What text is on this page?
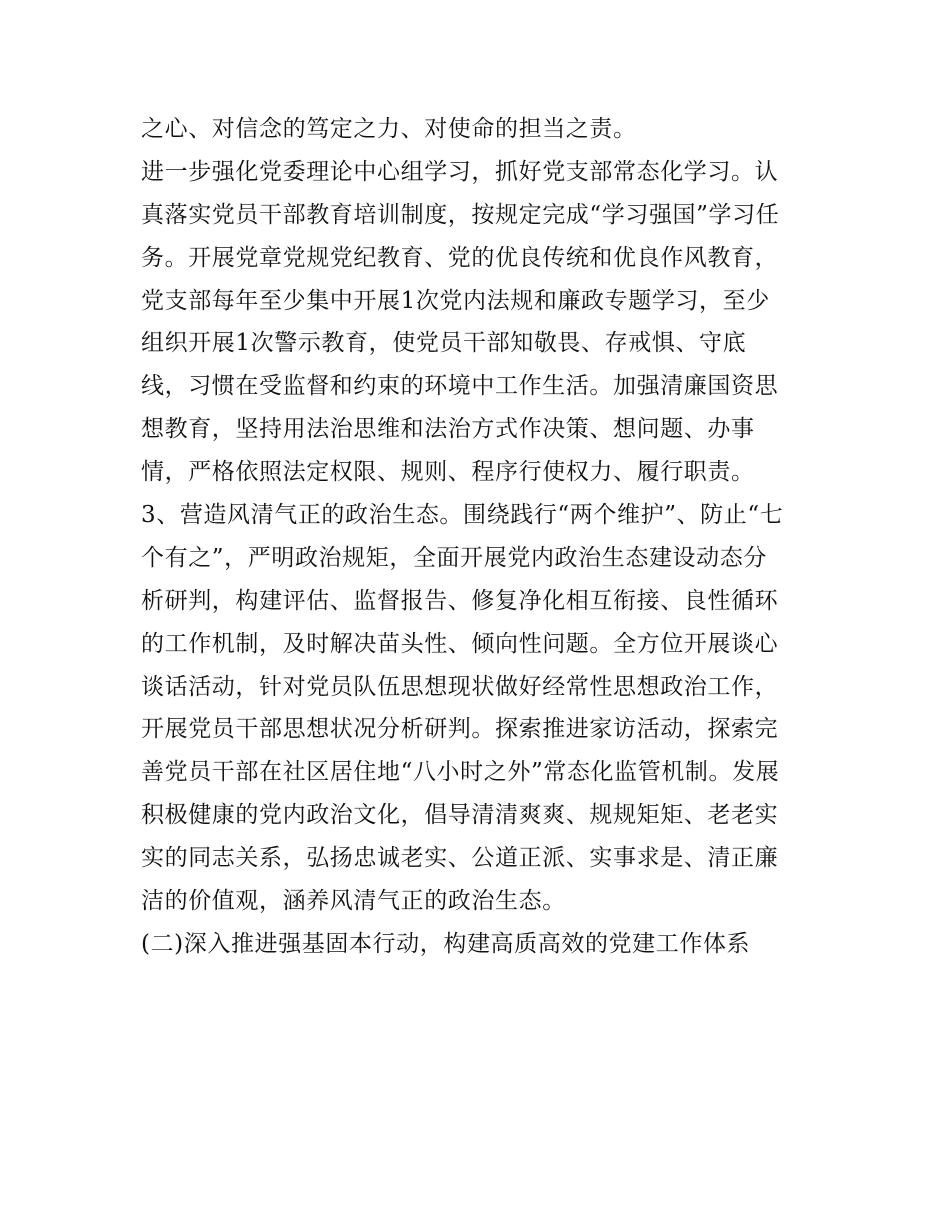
之心、对信念的笃定之力、对使命的担当之责。
进一步强化党委理论中心组学习，抓好党支部常态化学习。认
真落实党员干部教育培训制度，按规定完成“学习强国”学习任
务。开展党章党规党纪教育、党的优良传统和优良作风教育，
党支部每年至少集中开展1次党内法规和廉政专题学习，至少
组织开展1次警示教育，使党员干部知敬畏、存戒惧、守底
线，习惯在受监督和约束的环境中工作生活。加强清廉国资思
想教育，坚持用法治思维和法治方式作决策、想问题、办事
情，严格依照法定权限、规则、程序行使权力、履行职责。
3、营造风清气正的政治生态。围绕践行“两个维护”、防止“七
个有之”，严明政治规矩，全面开展党内政治生态建设动态分
析研判，构建评估、监督报告、修复净化相互衔接、良性循环
的工作机制，及时解决苗头性、倾向性问题。全方位开展谈心
谈话活动，针对党员队伍思想现状做好经常性思想政治工作，
开展党员干部思想状况分析研判。探索推进家访活动，探索完
善党员干部在社区居住地“八小时之外”常态化监管机制。发展
积极健康的党内政治文化，倡导清清爽爽、规规矩矩、老老实
实的同志关系，弘扬忠诚老实、公道正派、实事求是、清正廉
洁的价值观，涵养风清气正的政治生态。
(二)深入推进强基固本行动，构建高质高效的党建工作体系
